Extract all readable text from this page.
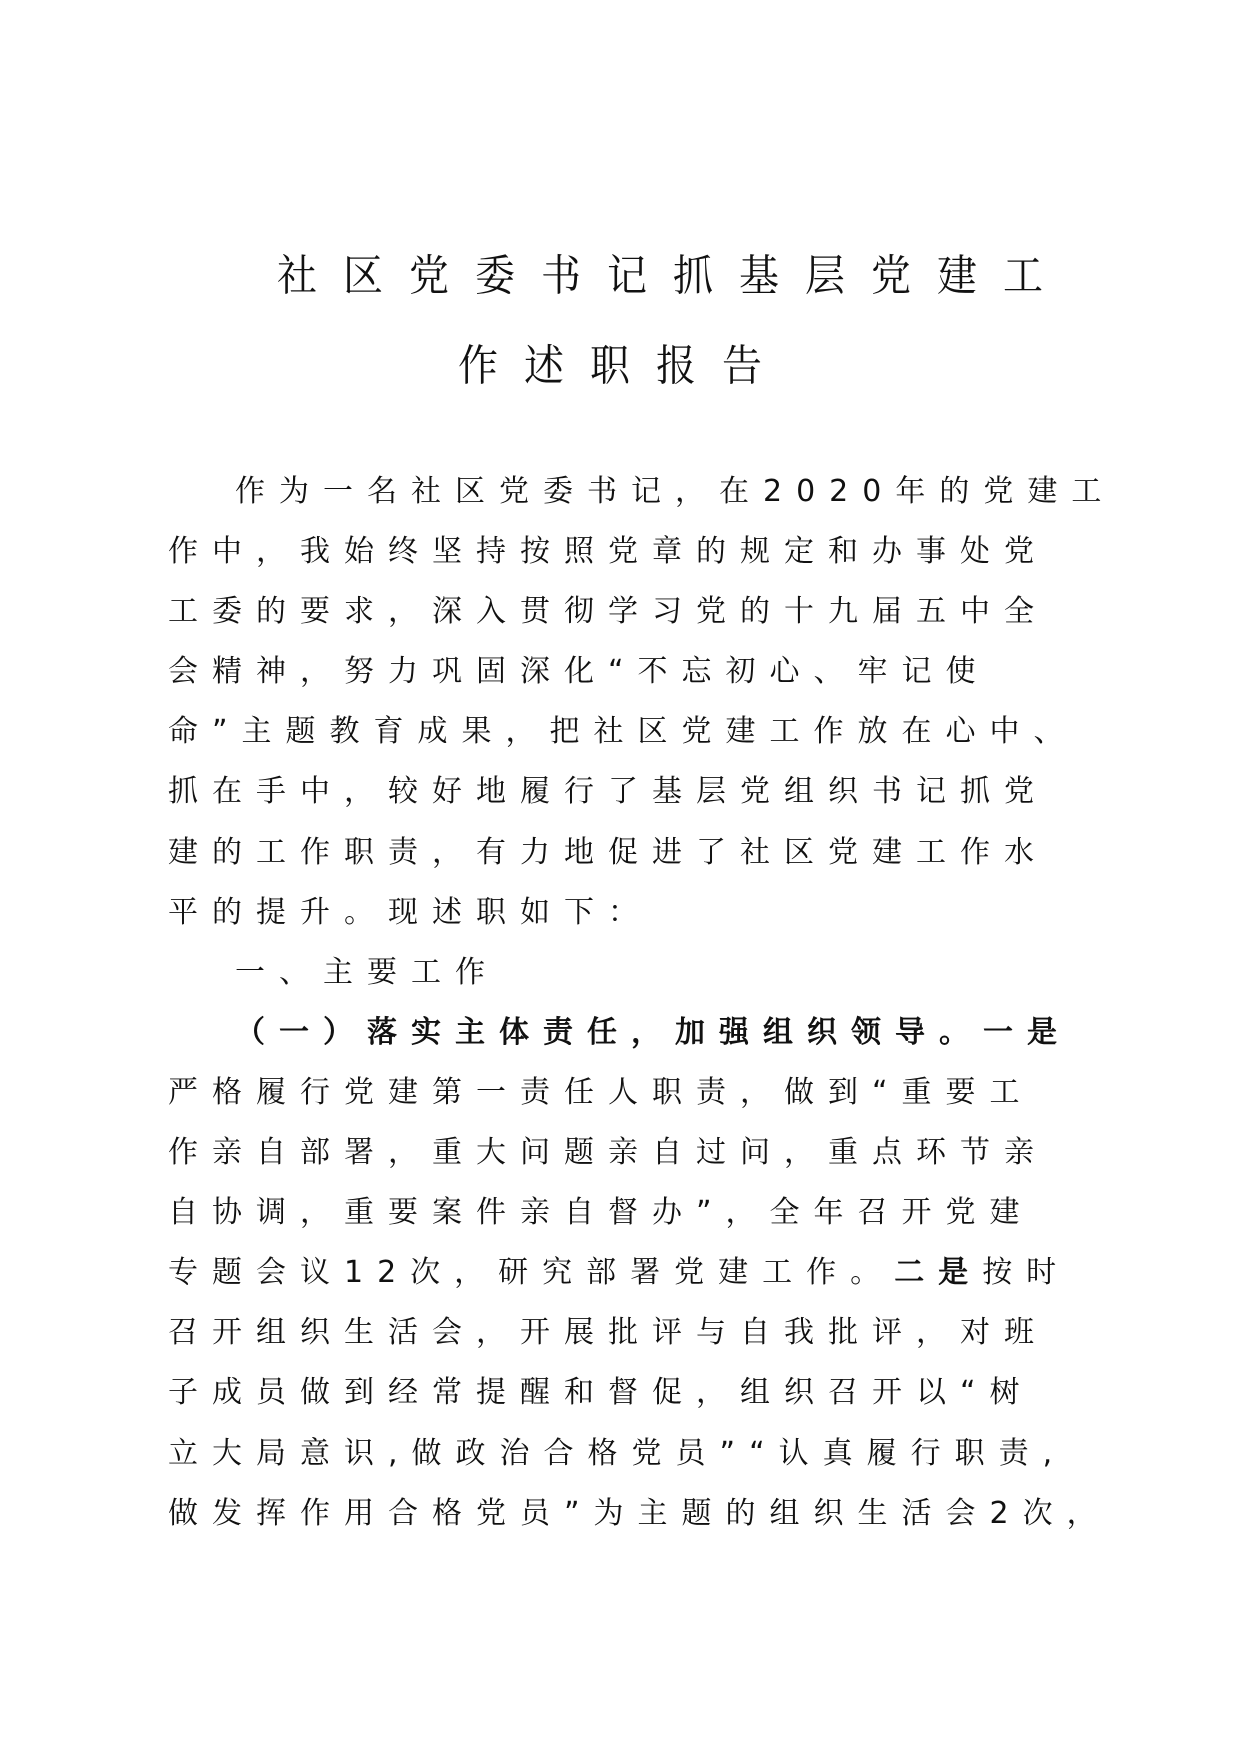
社区党委书记抓基层党建工
作述职报告
作为一名社区党委书记，在2020年的党建工
作中，我始终坚持按照党章的规定和办事处党
工委的要求，深入贯彻学习党的十九届五中全
会精神，努力巩固深化“不忘初心、牢记使
命”主题教育成果，把社区党建工作放在心中、
抓在手中，较好地履行了基层党组织书记抓党
建的工作职责，有力地促进了社区党建工作水
平的提升。现述职如下：
一、主要工作
（一）落实主体责任，加强组织领导。一是
严格履行党建第一责任人职责，做到“重要工
作亲自部署，重大问题亲自过问，重点环节亲
自协调，重要案件亲自督办”，全年召开党建
专题会议12次，研究部署党建工作。二是按时
召开组织生活会，开展批评与自我批评，对班
子成员做到经常提醒和督促，组织召开以“树
立大局意识,做政治合格党员”“认真履行职责,
做发挥作用合格党员”为主题的组织生活会2次，
